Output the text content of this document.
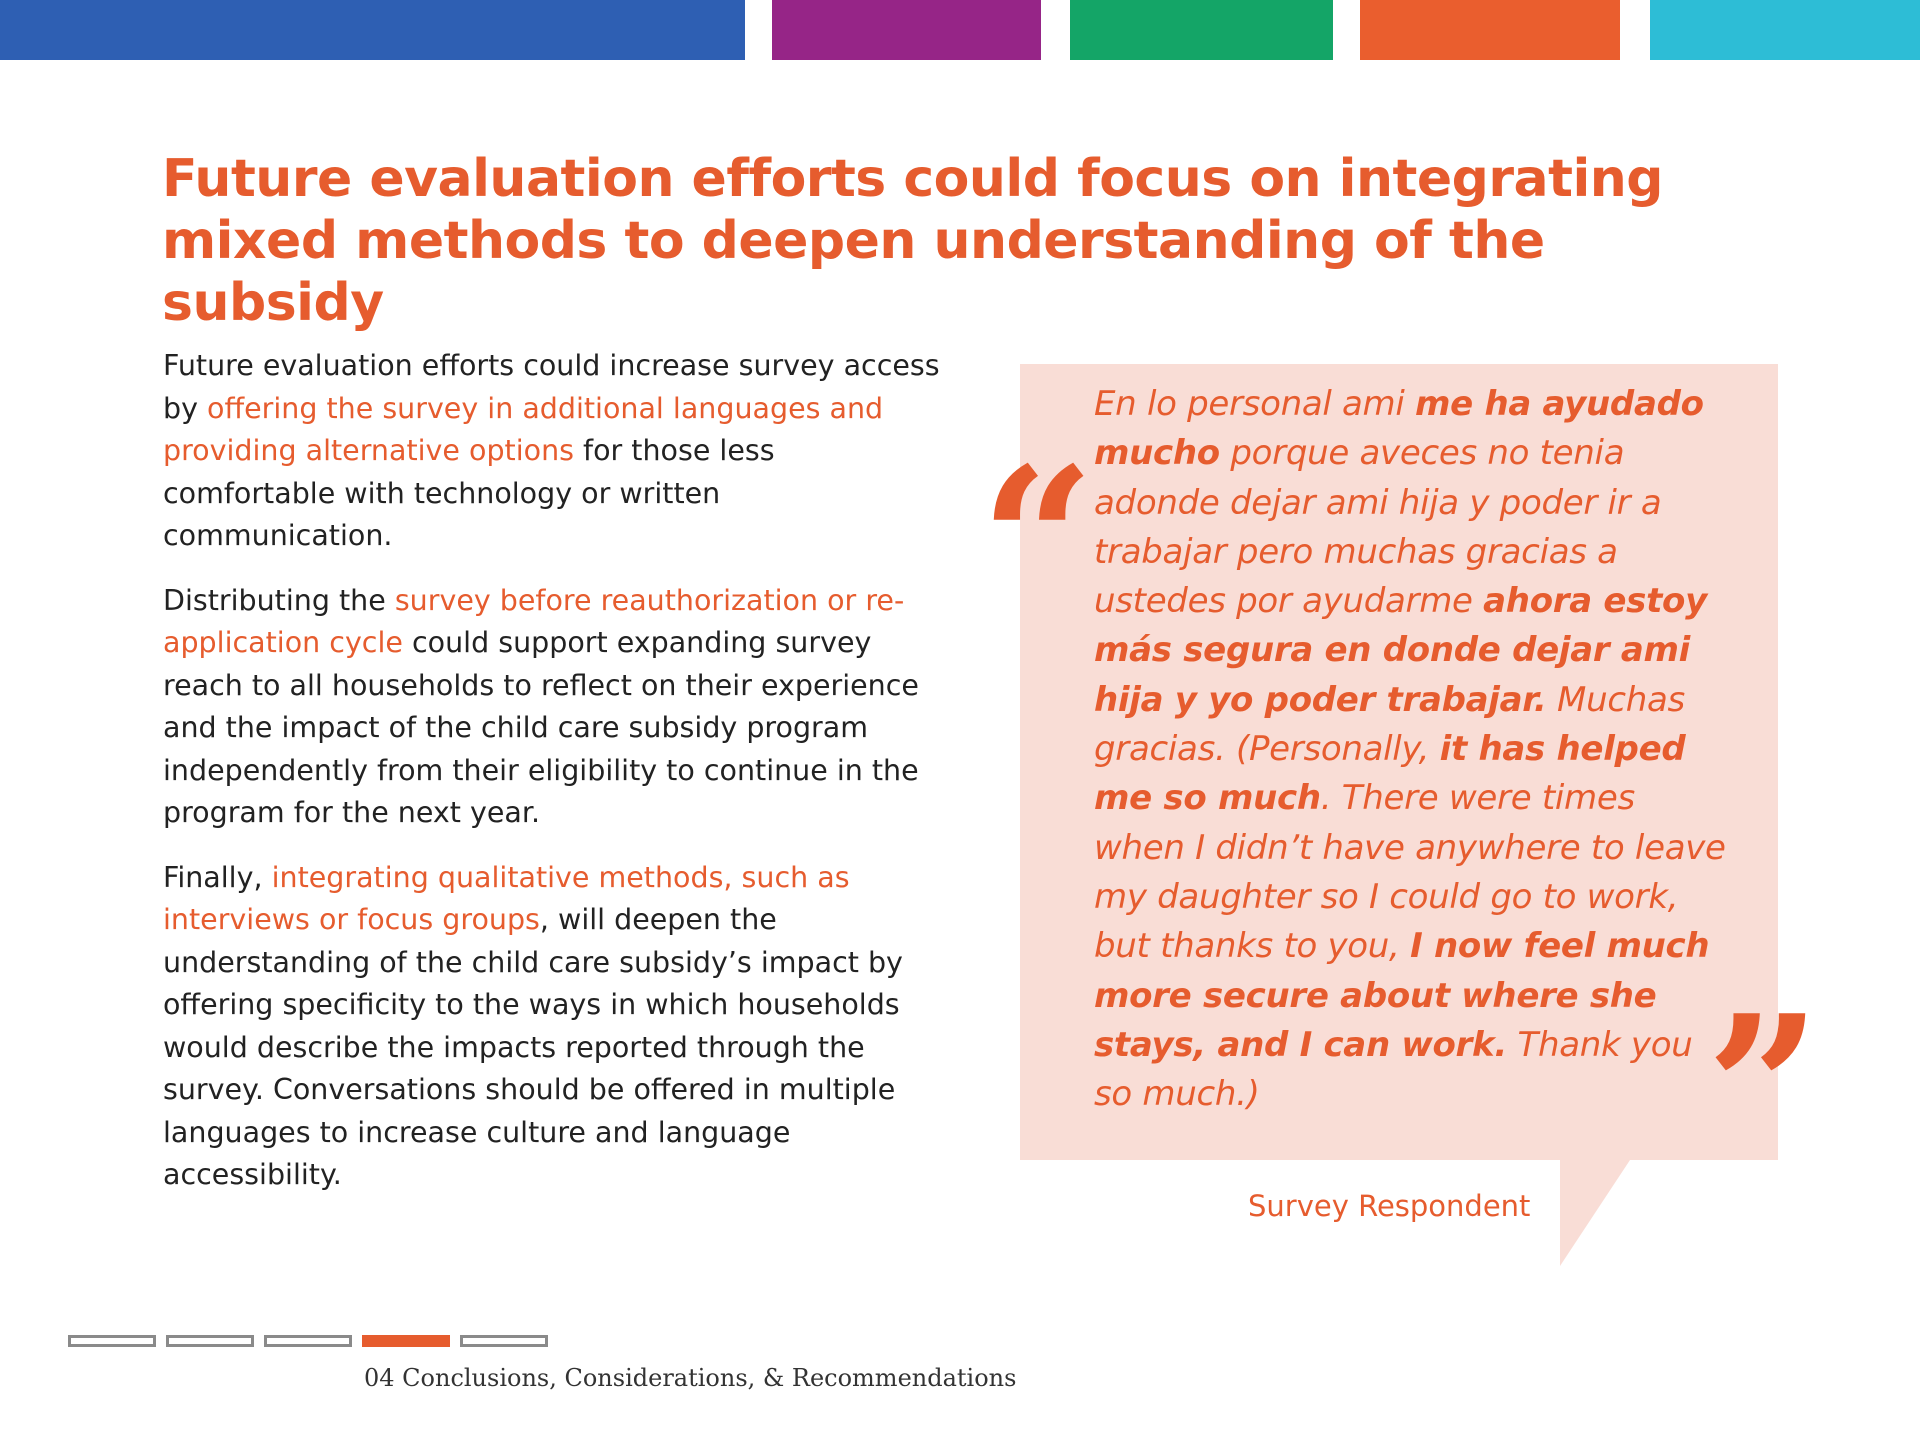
Future evaluation efforts could focus on integrating mixed methods to deepen understanding of the subsidy

Future evaluation efforts could increase survey access by offering the survey in additional languages and providing alternative options for those less comfortable with technology or written communication.

Distributing the survey before reauthorization or re-application cycle could support expanding survey reach to all households to reflect on their experience and the impact of the child care subsidy program independently from their eligibility to continue in the program for the next year.

Finally, integrating qualitative methods, such as interviews or focus groups, will deepen the understanding of the child care subsidy’s impact by offering specificity to the ways in which households would describe the impacts reported through the survey. Conversations should be offered in multiple languages to increase culture and language accessibility.

“
”
En lo personal ami me ha ayudado mucho porque aveces no tenia adonde dejar ami hija y poder ir a trabajar pero muchas gracias a ustedes por ayudarme ahora estoy más segura en donde dejar ami hija y yo poder trabajar. Muchas gracias. (Personally, it has helped me so much. There were times when I didn’t have anywhere to leave my daughter so I could go to work, but thanks to you, I now feel much more secure about where she stays, and I can work. Thank you so much.)
Survey Respondent
04 Conclusions, Considerations, & Recommendations
